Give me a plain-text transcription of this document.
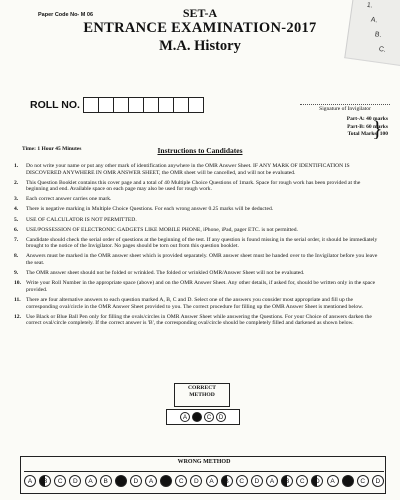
1.
A.
B.
C.
Paper Code No- M 06	SET-A
ENTRANCE EXAMINATION-2017
M.A. History
ROLL NO.	Signature of Invigilator
Part-A: 40 marks
Part-B: 60 marks
Total Marks: 100
}
Time: 1 Hour 45 Minutes	Instructions to Candidates
1.	Do not write your name or put any other mark of identification anywhere in the OMR Answer Sheet. IF ANY MARK OF IDENTIFICATION IS DISCOVERED ANYWHERE IN OMR ANSWER SHEET, the OMR sheet will be cancelled, and will not be evaluated.
2.	This Question Booklet contains this cover page and a total of 40 Multiple Choice Questions of 1mark. Space for rough work has been provided at the beginning and end. Available space on each page may also be used for rough work.
3.	Each correct answer carries one mark.
4.	There is negative marking in Multiple Choice Questions. For each wrong answer 0.25 marks will be deducted.
5.	USE OF CALCULATOR IS NOT PERMITTED.
6.	USE/POSSESSION OF ELECTRONIC GADGETS LIKE MOBILE PHONE, iPhone, iPad, pager ETC. is not permitted.
7.	Candidate should check the serial order of questions at the beginning of the test. If any question is found missing in the serial order, it should be immediately brought to the notice of the Invigilator. No pages should be torn out from this question booklet.
8.	Answers must be marked in the OMR answer sheet which is provided separately. OMR answer sheet must be handed over to the Invigilator before you leave the seat.
9.	The OMR answer sheet should not be folded or wrinkled. The folded or wrinkled OMR/Answer Sheet will not be evaluated.
10. Write your Roll Number in the appropriate space (above) and on the OMR Answer Sheet. Any other details, if asked for, should be written only in the space provided.
11. There are four alternative answers to each question marked A, B, C and D. Select one of the answers you consider most appropriate and fill up the corresponding oval/circle in the OMR Answer Sheet provided to you. The correct procedure for filling up the OMR Answer Sheet is mentioned below.
12. Use Black or Blue Ball Pen only for filling the ovals/circles in OMR Answer Sheet while answering the Questions. For your Choice of answers darken the correct oval/circle completely. If the correct answer is 'B', the corresponding oval/circle should be completely filled and darkened as shown below.
CORRECT METHOD
A	B	C	D
WRONG METHOD
A	B	C	D	A	B	C	D	A	B	C	D	A	B	C	D	A	B	C	D	A	B	C	D
